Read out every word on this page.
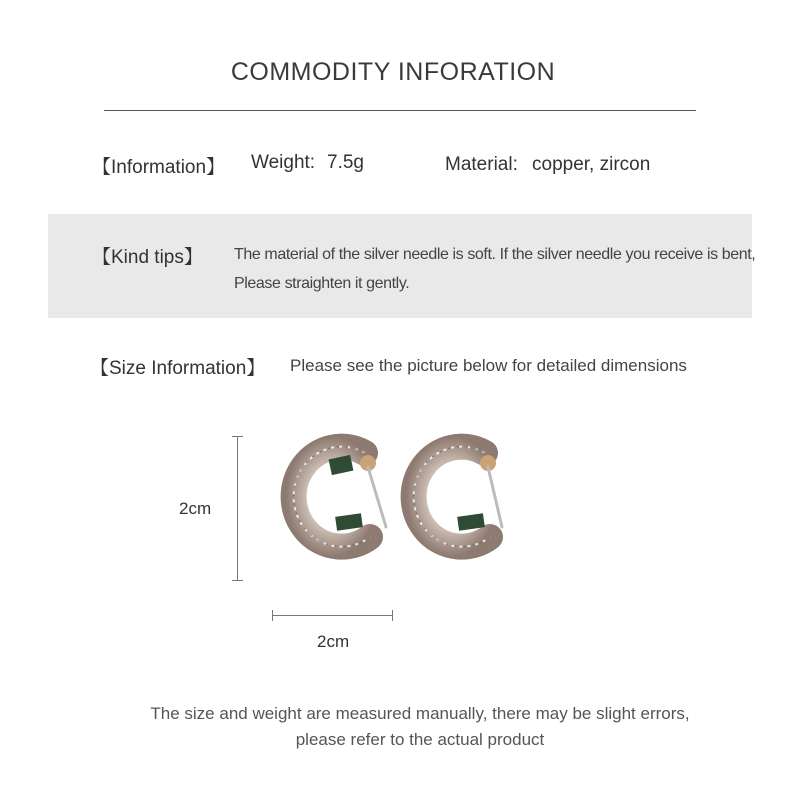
COMMODITY INFORATION
【Information】 Weight: 7.5g	Material: copper, zircon
【Kind tips】 The material of the silver needle is soft. If the silver needle you receive is bent,
Please straighten it gently.
【Size Information】 Please see the picture below for detailed dimensions
2cm
2cm
The size and weight are measured manually, there may be slight errors,
please refer to the actual product
